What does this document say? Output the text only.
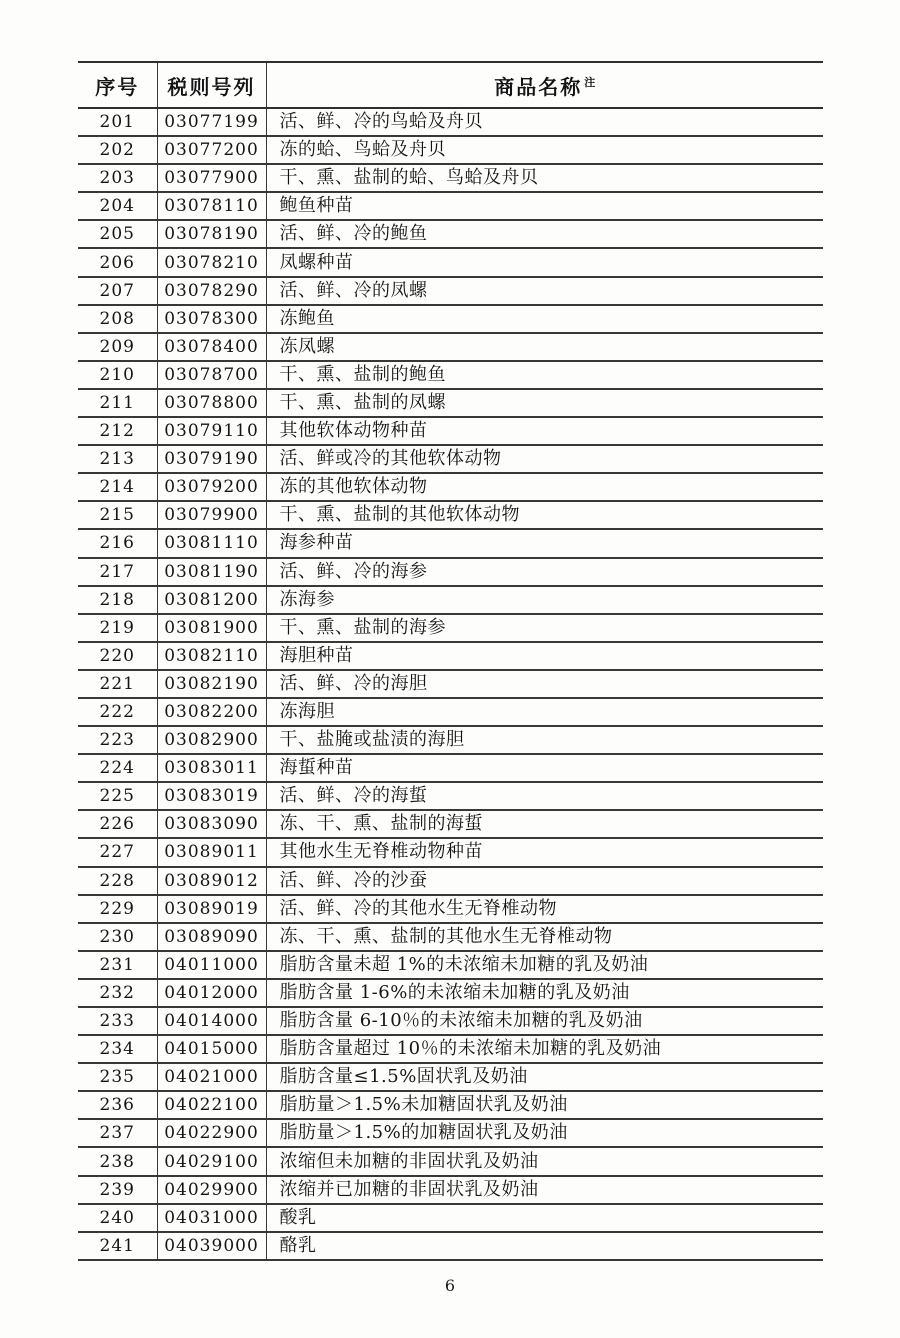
序号	税则号列	商品名称 $^注$
201	03077199	活、鲜、冷的鸟蛤及舟贝
202	03077200	冻的蛤、鸟蛤及舟贝
203	03077900	干、熏、盐制的蛤、鸟蛤及舟贝
204	03078110	鲍鱼种苗
205	03078190	活、鲜、冷的鲍鱼
206	03078210	凤螺种苗
207	03078290	活、鲜、冷的凤螺
208	03078300	冻鲍鱼
209	03078400	冻凤螺
210	03078700	干、熏、盐制的鲍鱼
211	03078800	干、熏、盐制的凤螺
212	03079110	其他软体动物种苗
213	03079190	活、鲜或冷的其他软体动物
214	03079200	冻的其他软体动物
215	03079900	干、熏、盐制的其他软体动物
216	03081110	海参种苗
217	03081190	活、鲜、冷的海参
218	03081200	冻海参
219	03081900	干、熏、盐制的海参
220	03082110	海胆种苗
221	03082190	活、鲜、冷的海胆
222	03082200	冻海胆
223	03082900	干、盐腌或盐渍的海胆
224	03083011	海蜇种苗
225	03083019	活、鲜、冷的海蜇
226	03083090	冻、干、熏、盐制的海蜇
227	03089011	其他水生无脊椎动物种苗
228	03089012	活、鲜、冷的沙蚕
229	03089019	活、鲜、冷的其他水生无脊椎动物
230	03089090	冻、干、熏、盐制的其他水生无脊椎动物
231	04011000	脂肪含量未超 1%的未浓缩未加糖的乳及奶油
232	04012000	脂肪含量 1-6%的未浓缩未加糖的乳及奶油
233	04014000	脂肪含量 6-10％的未浓缩未加糖的乳及奶油
234	04015000	脂肪含量超过 10％的未浓缩未加糖的乳及奶油
235	04021000	脂肪含量≤1.5%固状乳及奶油
236	04022100	脂肪量＞1.5%未加糖固状乳及奶油
237	04022900	脂肪量＞1.5%的加糖固状乳及奶油
238	04029100	浓缩但未加糖的非固状乳及奶油
239	04029900	浓缩并已加糖的非固状乳及奶油
240	04031000	酸乳
241	04039000	酪乳
6
